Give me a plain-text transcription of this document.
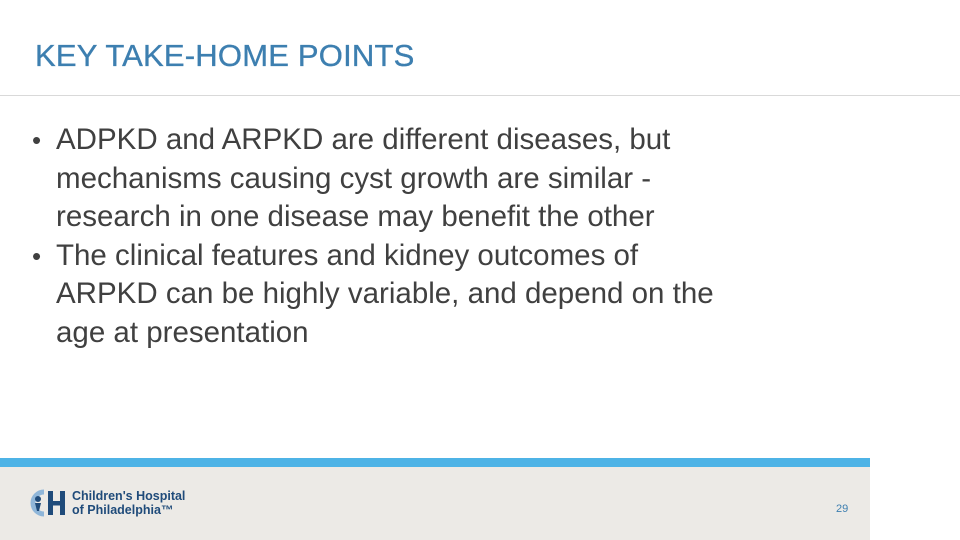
KEY TAKE-HOME POINTS
• ADPKD and ARPKD are different diseases, but
mechanisms causing cyst growth are similar -
research in one disease may benefit the other
• The clinical features and kidney outcomes of
ARPKD can be highly variable, and depend on the
age at presentation
Children's Hospital
of Philadelphia™	29
